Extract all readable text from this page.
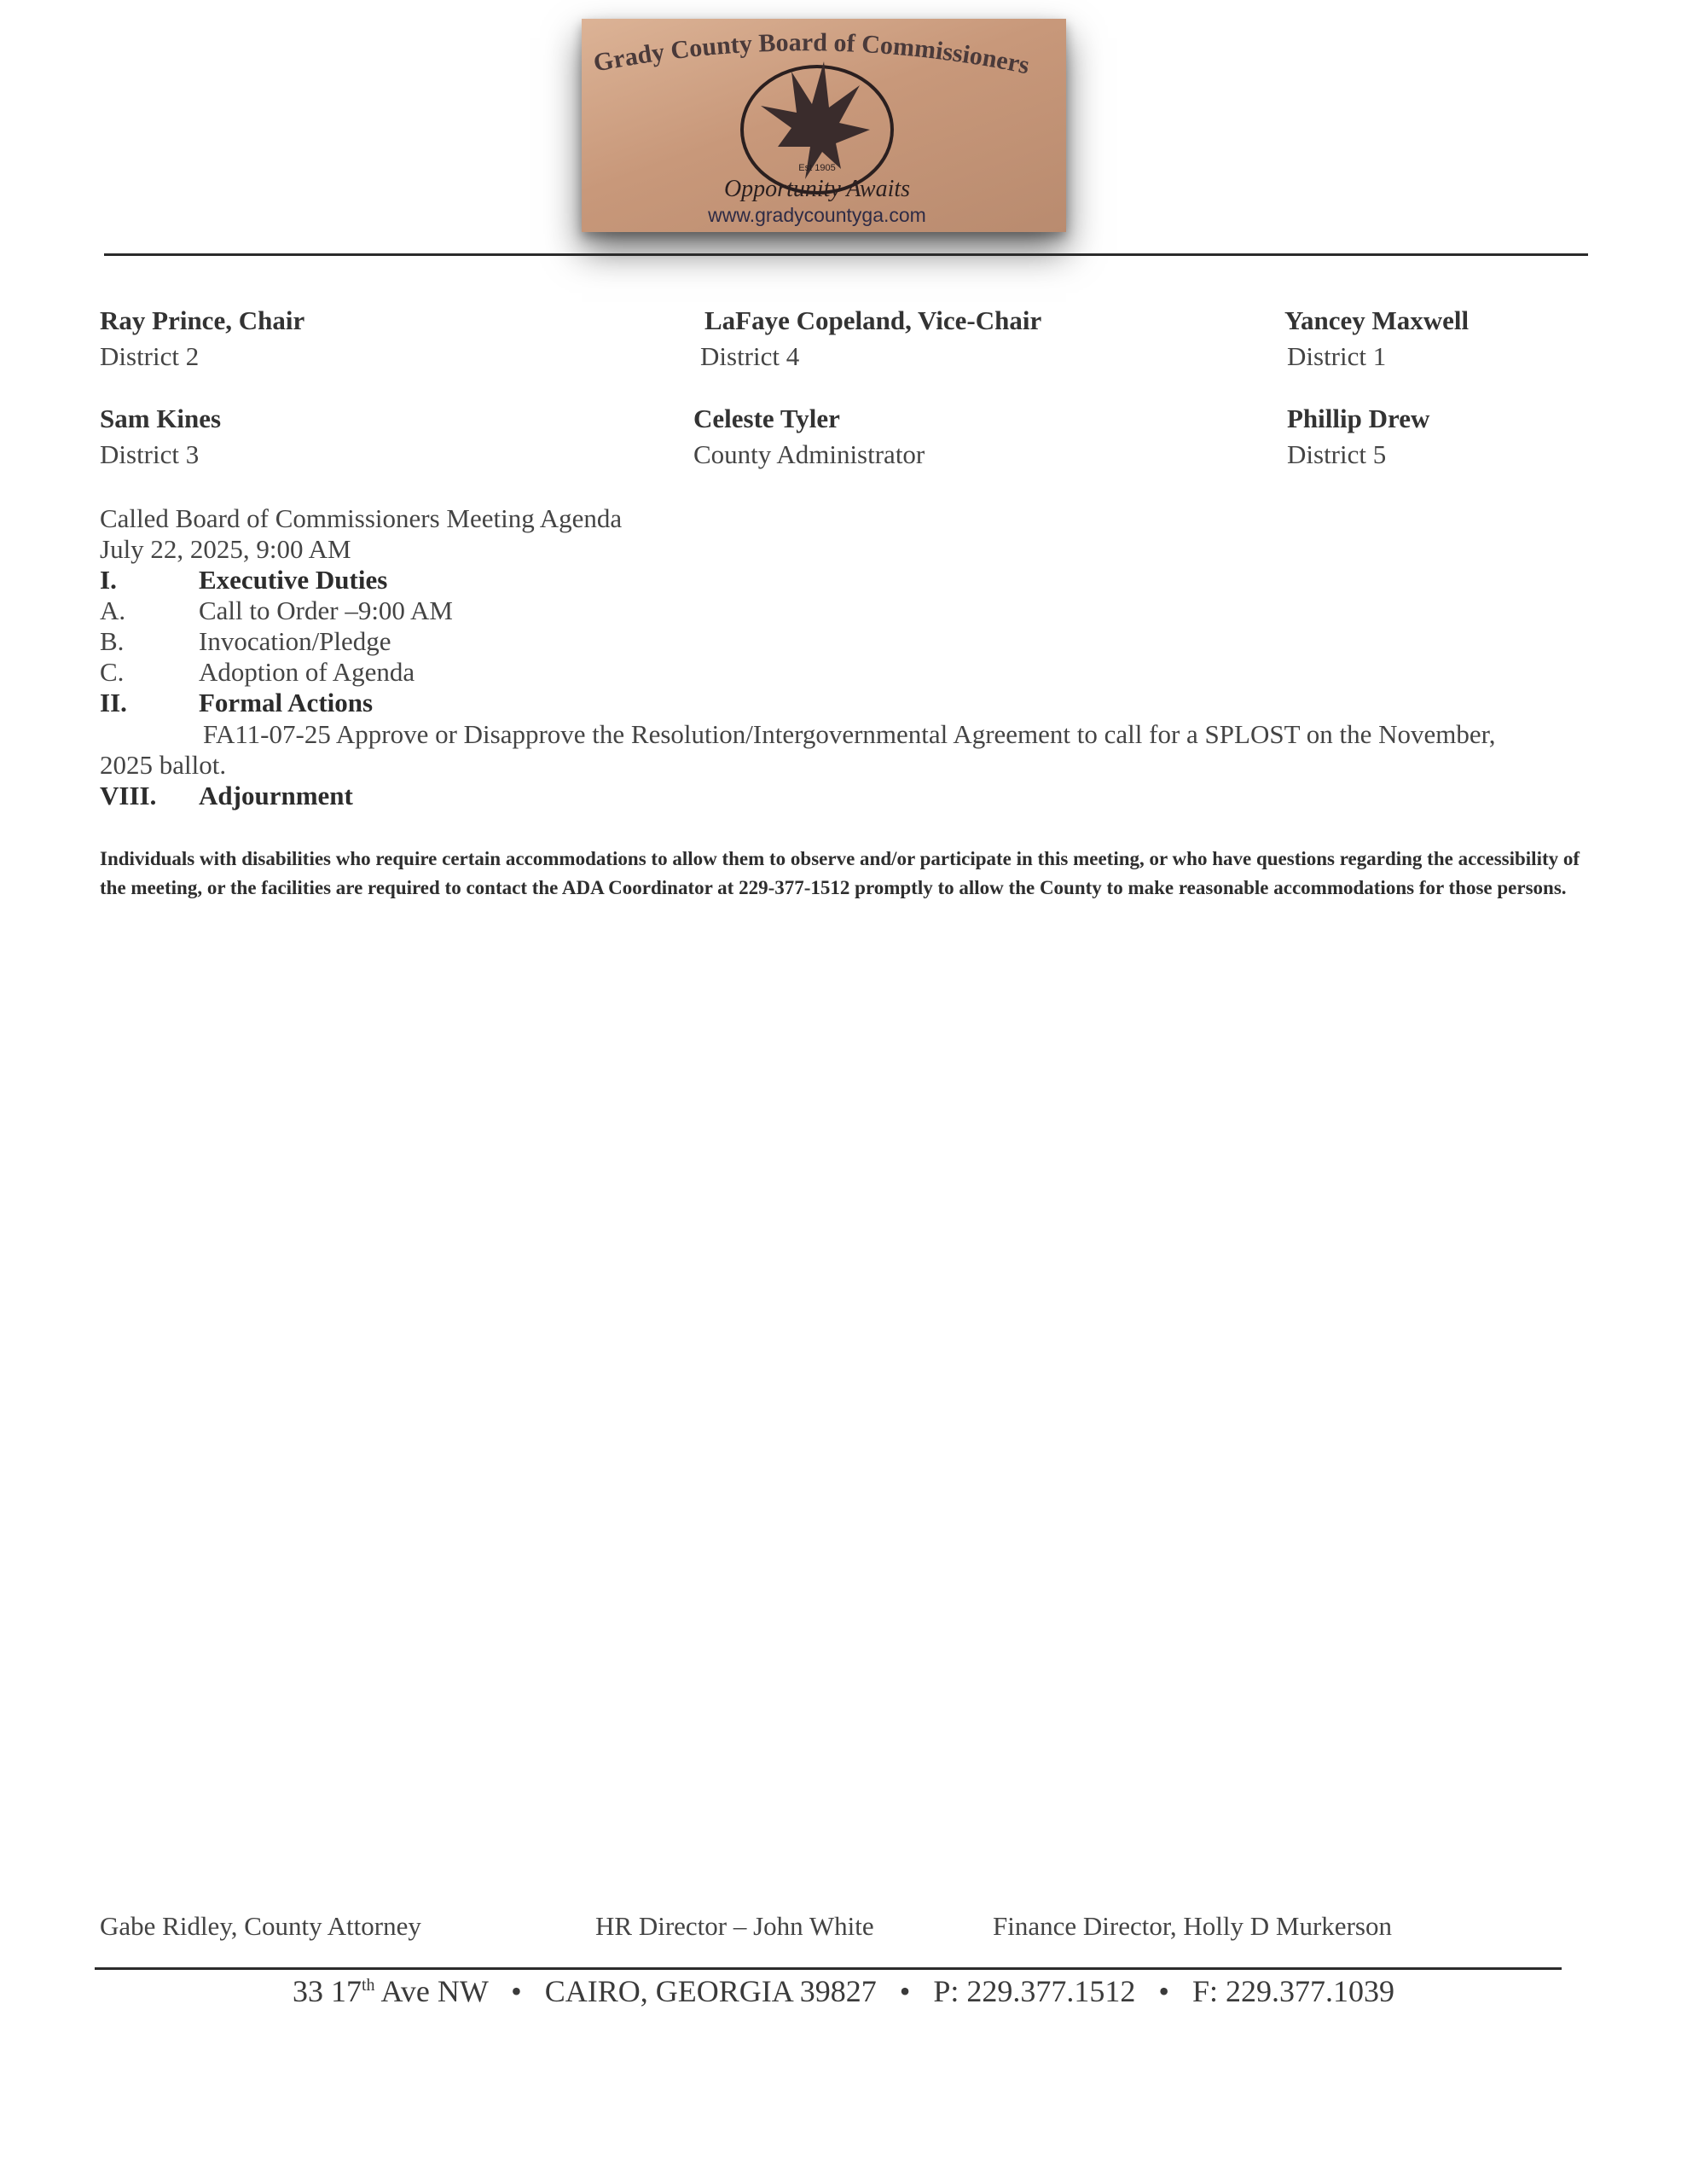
Grady County Board of Commissioners
Est 1905
Opportunity Awaits
www.gradycountyga.com
Ray Prince, Chair
District 2
LaFaye Copeland, Vice-Chair
District 4
Yancey Maxwell
District 1
Sam Kines
District 3
Celeste Tyler
County Administrator
Phillip Drew
District 5
Called Board of Commissioners Meeting Agenda
July 22, 2025, 9:00 AM
I.	Executive Duties
A.	Call to Order –9:00 AM
B.	Invocation/Pledge
C.	Adoption of Agenda
II.	Formal Actions
FA11-07-25 Approve or Disapprove the Resolution/Intergovernmental Agreement to call for a SPLOST on the November,
2025 ballot.
VIII. Adjournment
Individuals with disabilities who require certain accommodations to allow them to observe and/or participate in this meeting, or who have questions regarding the accessibility of the meeting, or the facilities are required to contact the ADA Coordinator at 229-377-1512 promptly to allow the County to make reasonable accommodations for those persons.
Gabe Ridley, County Attorney	HR Director – John White	Finance Director, Holly D Murkerson
33 17th Ave NW • CAIRO, GEORGIA 39827 • P: 229.377.1512 • F: 229.377.1039
